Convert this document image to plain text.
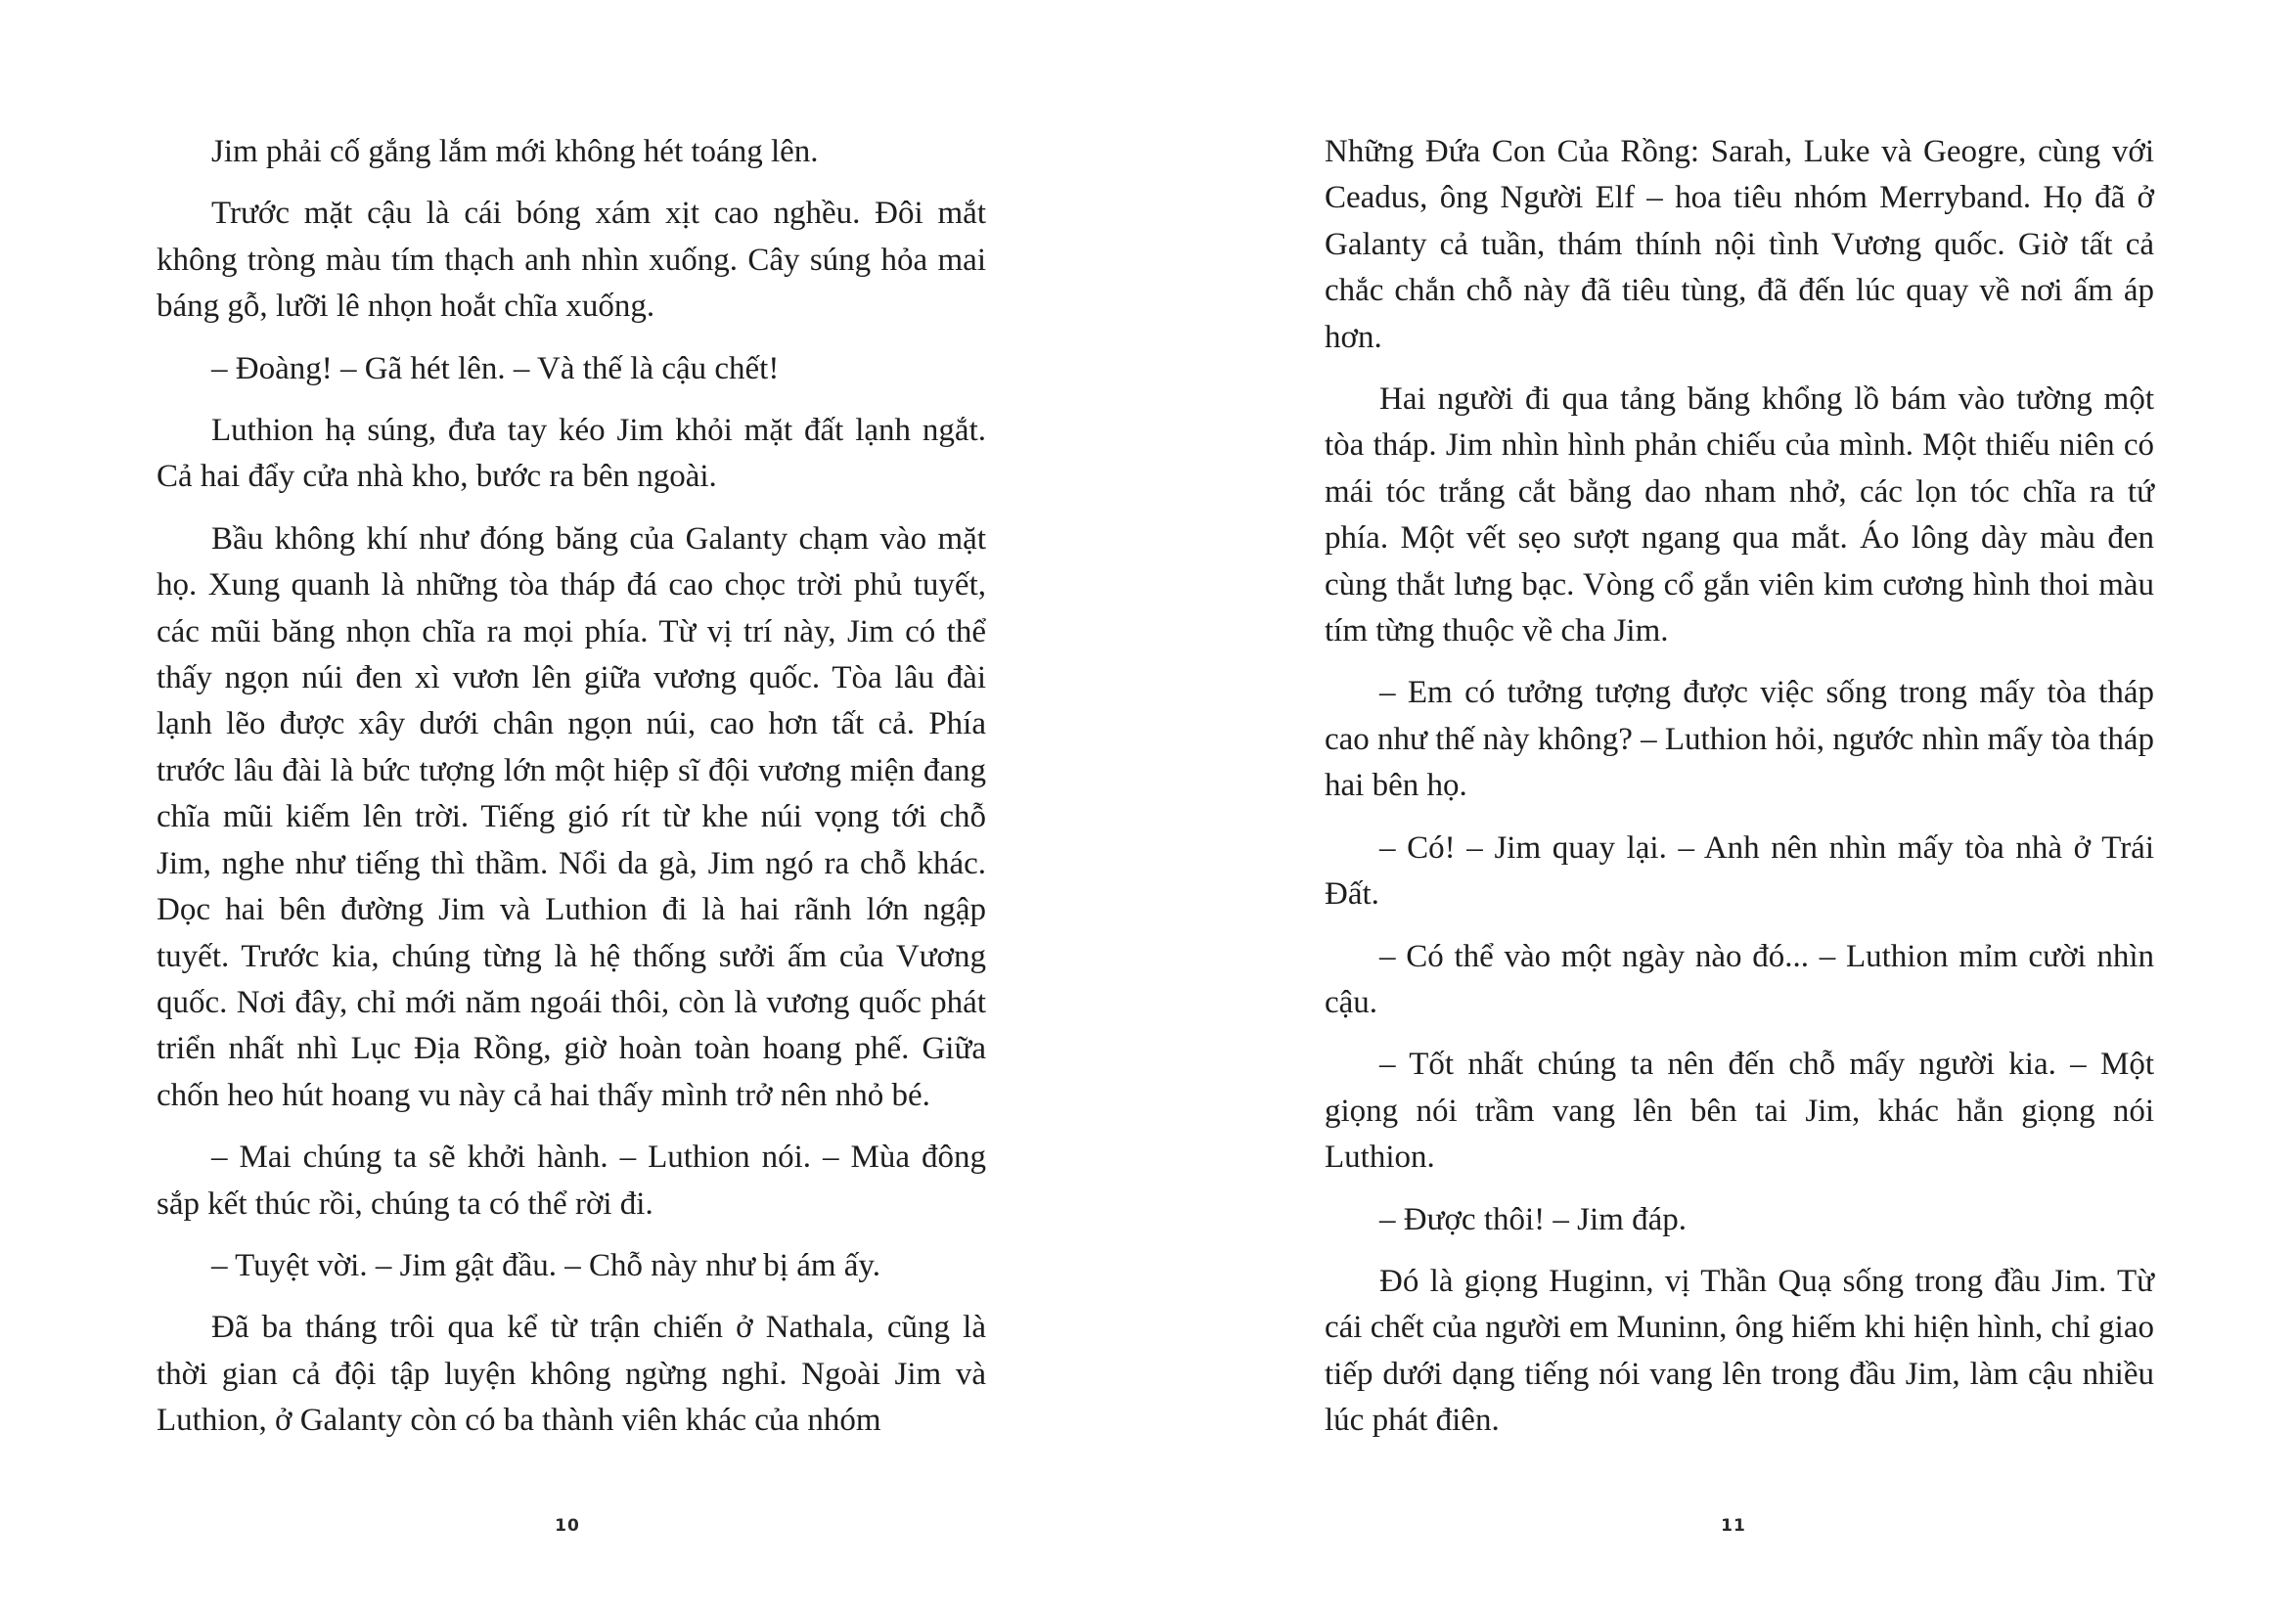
Jim phải cố gắng lắm mới không hét toáng lên.

Trước mặt cậu là cái bóng xám xịt cao nghều. Đôi mắt không tròng màu tím thạch anh nhìn xuống. Cây súng hỏa mai báng gỗ, lưỡi lê nhọn hoắt chĩa xuống.

– Đoàng! – Gã hét lên. – Và thế là cậu chết!

Luthion hạ súng, đưa tay kéo Jim khỏi mặt đất lạnh ngắt. Cả hai đẩy cửa nhà kho, bước ra bên ngoài.

Bầu không khí như đóng băng của Galanty chạm vào mặt họ. Xung quanh là những tòa tháp đá cao chọc trời phủ tuyết, các mũi băng nhọn chĩa ra mọi phía. Từ vị trí này, Jim có thể thấy ngọn núi đen xì vươn lên giữa vương quốc. Tòa lâu đài lạnh lẽo được xây dưới chân ngọn núi, cao hơn tất cả. Phía trước lâu đài là bức tượng lớn một hiệp sĩ đội vương miện đang chĩa mũi kiếm lên trời. Tiếng gió rít từ khe núi vọng tới chỗ Jim, nghe như tiếng thì thầm. Nổi da gà, Jim ngó ra chỗ khác. Dọc hai bên đường Jim và Luthion đi là hai rãnh lớn ngập tuyết. Trước kia, chúng từng là hệ thống sưởi ấm của Vương quốc. Nơi đây, chỉ mới năm ngoái thôi, còn là vương quốc phát triển nhất nhì Lục Địa Rồng, giờ hoàn toàn hoang phế. Giữa chốn heo hút hoang vu này cả hai thấy mình trở nên nhỏ bé.

– Mai chúng ta sẽ khởi hành. – Luthion nói. – Mùa đông sắp kết thúc rồi, chúng ta có thể rời đi.

– Tuyệt vời. – Jim gật đầu. – Chỗ này như bị ám ấy.

Đã ba tháng trôi qua kể từ trận chiến ở Nathala, cũng là thời gian cả đội tập luyện không ngừng nghỉ. Ngoài Jim và Luthion, ở Galanty còn có ba thành viên khác của nhóm

Những Đứa Con Của Rồng: Sarah, Luke và Geogre, cùng với Ceadus, ông Người Elf – hoa tiêu nhóm Merryband. Họ đã ở Galanty cả tuần, thám thính nội tình Vương quốc. Giờ tất cả chắc chắn chỗ này đã tiêu tùng, đã đến lúc quay về nơi ấm áp hơn.

Hai người đi qua tảng băng khổng lồ bám vào tường một tòa tháp. Jim nhìn hình phản chiếu của mình. Một thiếu niên có mái tóc trắng cắt bằng dao nham nhở, các lọn tóc chĩa ra tứ phía. Một vết sẹo sượt ngang qua mắt. Áo lông dày màu đen cùng thắt lưng bạc. Vòng cổ gắn viên kim cương hình thoi màu tím từng thuộc về cha Jim.

– Em có tưởng tượng được việc sống trong mấy tòa tháp cao như thế này không? – Luthion hỏi, ngước nhìn mấy tòa tháp hai bên họ.

– Có! – Jim quay lại. – Anh nên nhìn mấy tòa nhà ở Trái Đất.

– Có thể vào một ngày nào đó... – Luthion mỉm cười nhìn cậu.

– Tốt nhất chúng ta nên đến chỗ mấy người kia. – Một giọng nói trầm vang lên bên tai Jim, khác hẳn giọng nói Luthion.

– Được thôi! – Jim đáp.

Đó là giọng Huginn, vị Thần Quạ sống trong đầu Jim. Từ cái chết của người em Muninn, ông hiếm khi hiện hình, chỉ giao tiếp dưới dạng tiếng nói vang lên trong đầu Jim, làm cậu nhiều lúc phát điên.

10	11
